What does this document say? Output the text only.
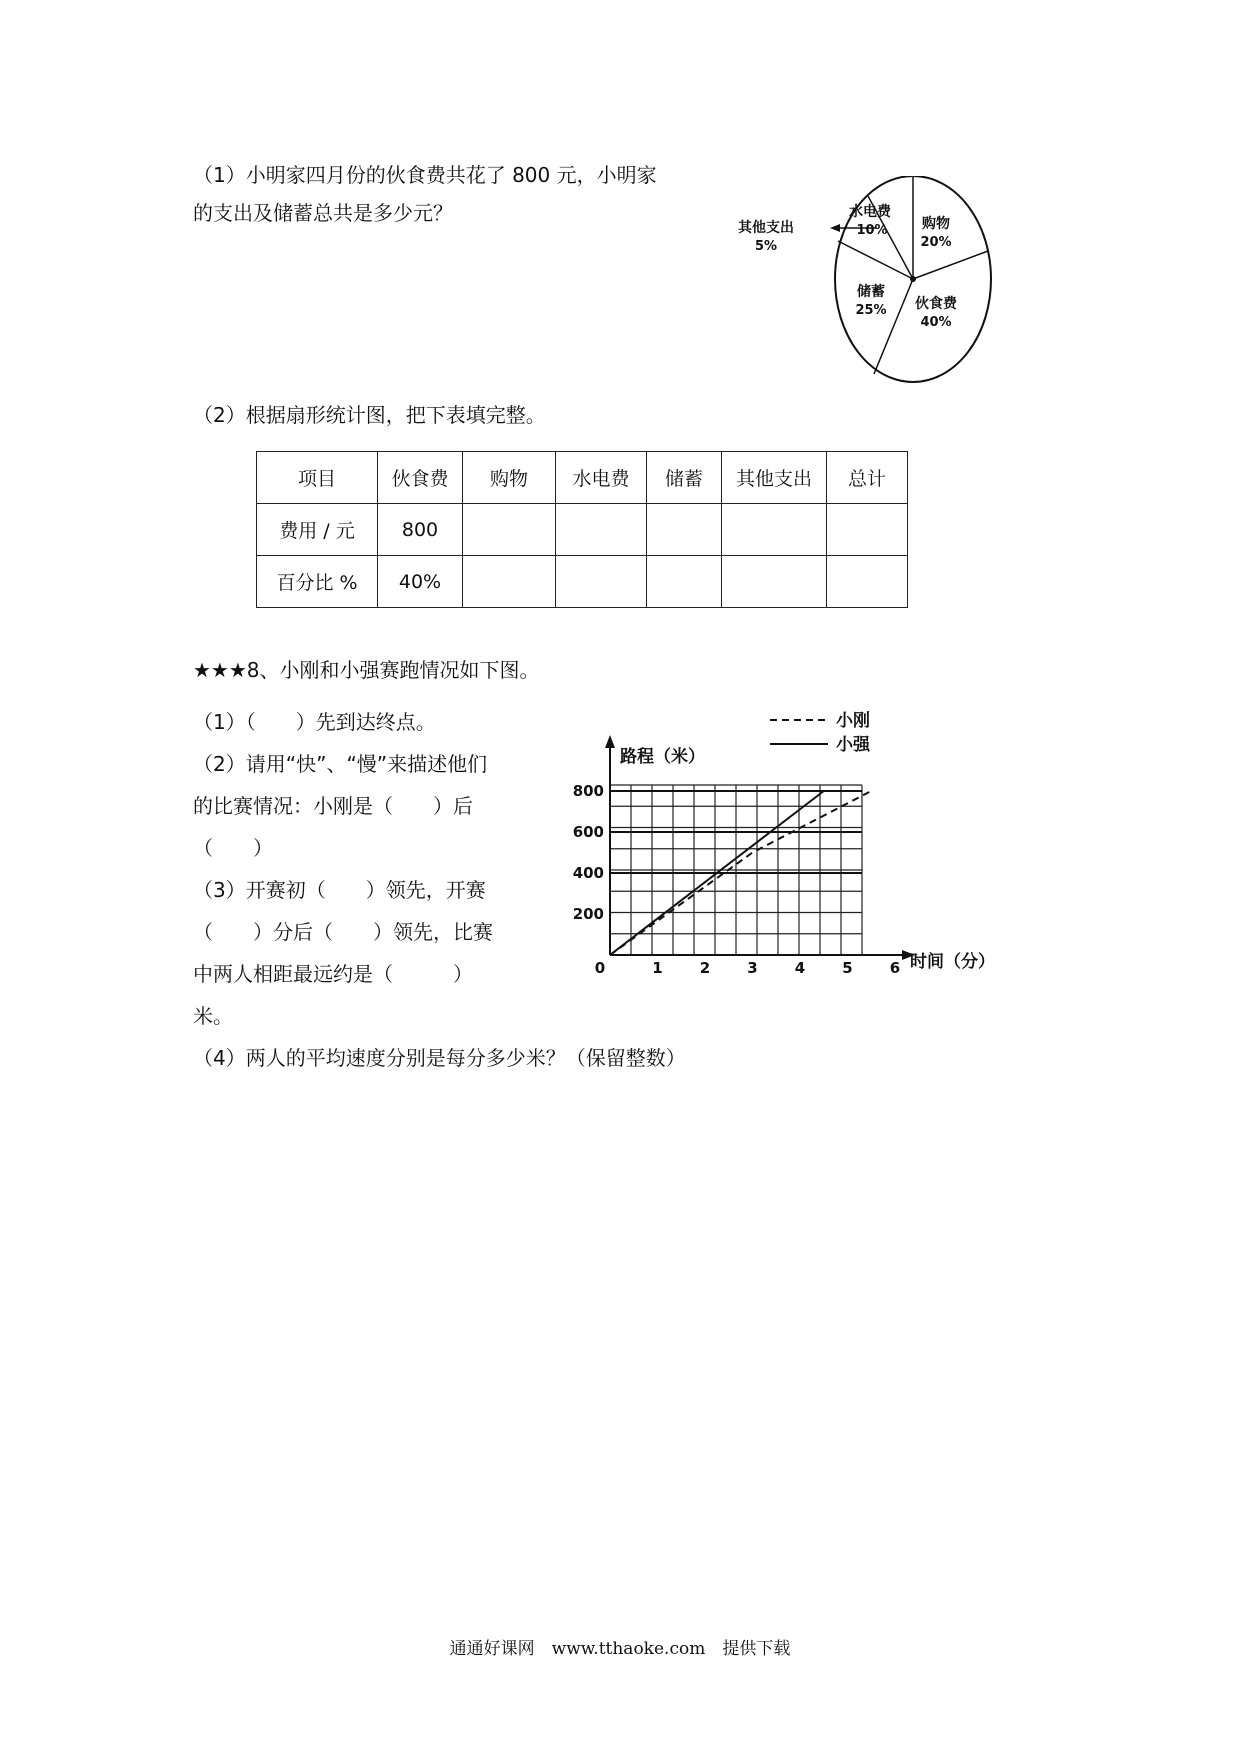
（1）小明家四月份的伙食费共花了 800 元，小明家
的支出及储蓄总共是多少元？	水电费
10% 购物
20%
伙食费
40%
储蓄
25%
其他支出
5%
（2）根据扇形统计图，把下表填完整。
项目	伙食费	购物	水电费	储蓄	其他支出	总计
费用 / 元	800					
百分比 %	40%					
★★★8、小刚和小强赛跑情况如下图。
（1）（　　）先到达终点。
（2）请用“快”、“慢”来描述他们
的比赛情况：小刚是（　　）后
（　　）
（3）开赛初（　　）领先，开赛
（　　）分后（　　）领先，比赛
中两人相距最远约是（　　　）
米。
（4）两人的平均速度分别是每分多少米？（保留整数）
路程（米）
时间（分）
0	1 2 3 4 5 6
200
400
600
800
小刚
小强
通通好课网　www.tthaoke.com　提供下载
